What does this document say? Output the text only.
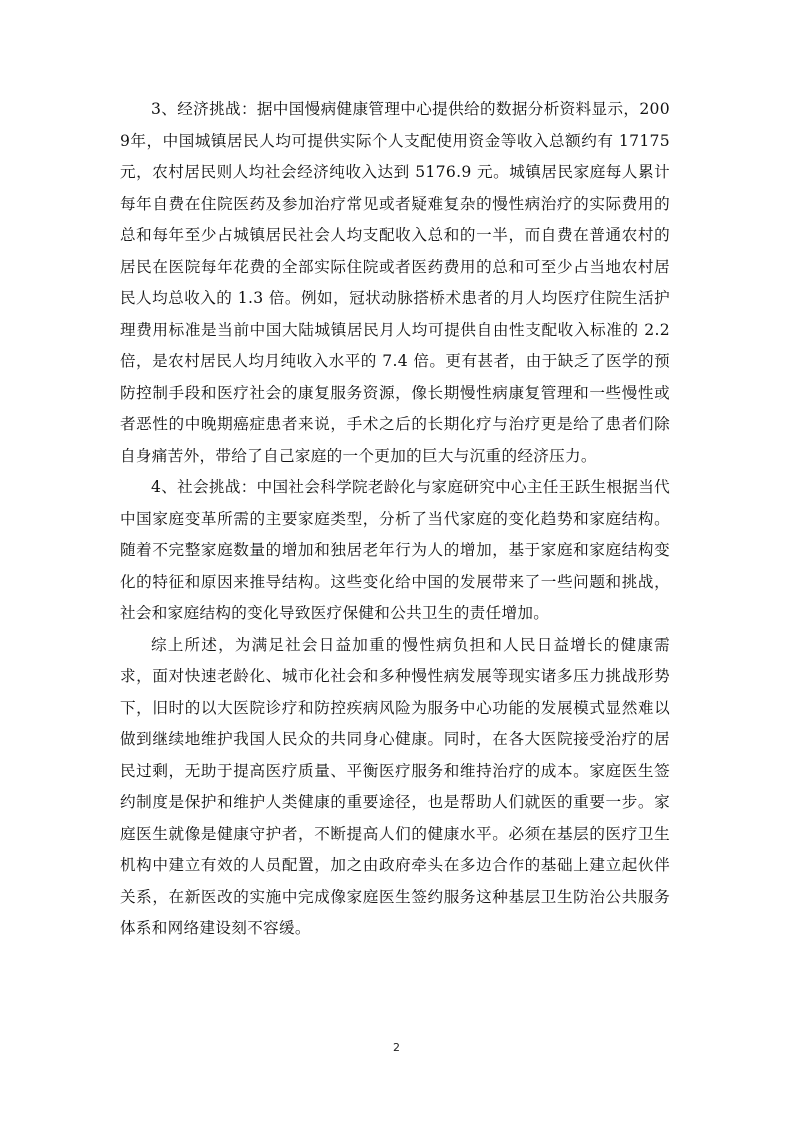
3、经济挑战：据中国慢病健康管理中心提供给的数据分析资料显示，2009年，中国城镇居民人均可提供实际个人支配使用资金等收入总额约有 17175 元，农村居民则人均社会经济纯收入达到 5176.9 元。城镇居民家庭每人累计每年自费在住院医药及参加治疗常见或者疑难复杂的慢性病治疗的实际费用的总和每年至少占城镇居民社会人均支配收入总和的一半，而自费在普通农村的居民在医院每年花费的全部实际住院或者医药费用的总和可至少占当地农村居民人均总收入的 1.3 倍。例如，冠状动脉搭桥术患者的月人均医疗住院生活护理费用标准是当前中国大陆城镇居民月人均可提供自由性支配收入标准的 2.2 倍，是农村居民人均月纯收入水平的 7.4 倍。更有甚者，由于缺乏了医学的预防控制手段和医疗社会的康复服务资源，像长期慢性病康复管理和一些慢性或者恶性的中晚期癌症患者来说，手术之后的长期化疗与治疗更是给了患者们除自身痛苦外，带给了自己家庭的一个更加的巨大与沉重的经济压力。

4、社会挑战：中国社会科学院老龄化与家庭研究中心主任王跃生根据当代中国家庭变革所需的主要家庭类型，分析了当代家庭的变化趋势和家庭结构。随着不完整家庭数量的增加和独居老年行为人的增加，基于家庭和家庭结构变化的特征和原因来推导结构。这些变化给中国的发展带来了一些问题和挑战，社会和家庭结构的变化导致医疗保健和公共卫生的责任增加。

综上所述，为满足社会日益加重的慢性病负担和人民日益增长的健康需求，面对快速老龄化、城市化社会和多种慢性病发展等现实诸多压力挑战形势下，旧时的以大医院诊疗和防控疾病风险为服务中心功能的发展模式显然难以做到继续地维护我国人民众的共同身心健康。同时，在各大医院接受治疗的居民过剩，无助于提高医疗质量、平衡医疗服务和维持治疗的成本。家庭医生签约制度是保护和维护人类健康的重要途径，也是帮助人们就医的重要一步。家庭医生就像是健康守护者，不断提高人们的健康水平。必须在基层的医疗卫生机构中建立有效的人员配置，加之由政府牵头在多边合作的基础上建立起伙伴关系，在新医改的实施中完成像家庭医生签约服务这种基层卫生防治公共服务体系和网络建设刻不容缓。

2
